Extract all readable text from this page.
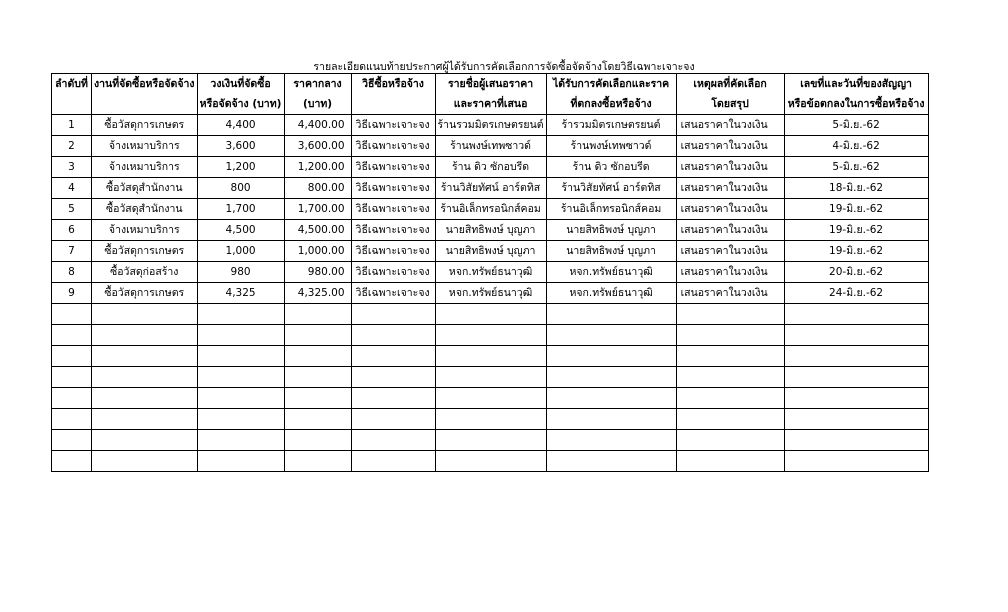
รายละเอียดแนบท้ายประกาศผู้ได้รับการคัดเลือกการจัดซื้อจัดจ้างโดยวิธีเฉพาะเจาะจง
ลำดับที่	งานที่จัดซื้อหรือจัดจ้าง	วงเงินที่จัดซื้อ	ราคากลาง	วิธีซื้อหรือจ้าง	รายชื่อผู้เสนอราคา	ได้รับการคัดเลือกและราค	เหตุผลที่คัดเลือก	เลขที่และวันที่ของสัญญา
		หรือจัดจ้าง (บาท)	(บาท)		และราคาที่เสนอ	ที่ตกลงซื้อหรือจ้าง	โดยสรุป	หรือข้อตกลงในการซื้อหรือจ้าง
1	ซื้อวัสดุการเกษตร	4,400	4,400.00	วิธีเฉพาะเจาะจง	ร้านรวมมิตรเกษตรยนต์	ร้ารวมมิตรเกษตรยนต์	เสนอราคาในวงเงิน	5-มิ.ย.-62
2	จ้างเหมาบริการ	3,600	3,600.00	วิธีเฉพาะเจาะจง	ร้านพงษ์เทพซาวด์	ร้านพงษ์เทพซาวด์	เสนอราคาในวงเงิน	4-มิ.ย.-62
3	จ้างเหมาบริการ	1,200	1,200.00	วิธีเฉพาะเจาะจง	ร้าน ดิว ซักอบรีด	ร้าน ดิว ซักอบรีด	เสนอราคาในวงเงิน	5-มิ.ย.-62
4	ซื้อวัสดุสำนักงาน	800	800.00	วิธีเฉพาะเจาะจง	ร้านวิสัยทัศน์ อาร์ตทิส	ร้านวิสัยทัศน์ อาร์ตทิส	เสนอราคาในวงเงิน	18-มิ.ย.-62
5	ซื้อวัสดุสำนักงาน	1,700	1,700.00	วิธีเฉพาะเจาะจง	ร้านอิเล็กทรอนิกส์คอม	ร้านอิเล็กทรอนิกส์คอม	เสนอราคาในวงเงิน	19-มิ.ย.-62
6	จ้างเหมาบริการ	4,500	4,500.00	วิธีเฉพาะเจาะจง	นายสิทธิพงษ์ บุญภา	นายสิทธิพงษ์ บุญภา	เสนอราคาในวงเงิน	19-มิ.ย.-62
7	ซื้อวัสดุการเกษตร	1,000	1,000.00	วิธีเฉพาะเจาะจง	นายสิทธิพงษ์ บุญภา	นายสิทธิพงษ์ บุญภา	เสนอราคาในวงเงิน	19-มิ.ย.-62
8	ซื้อวัสดุก่อสร้าง	980	980.00	วิธีเฉพาะเจาะจง	หจก.ทรัพย์ธนาวุฒิ	หจก.ทรัพย์ธนาวุฒิ	เสนอราคาในวงเงิน	20-มิ.ย.-62
9	ซื้อวัสดุการเกษตร	4,325	4,325.00	วิธีเฉพาะเจาะจง	หจก.ทรัพย์ธนาวุฒิ	หจก.ทรัพย์ธนาวุฒิ	เสนอราคาในวงเงิน	24-มิ.ย.-62
